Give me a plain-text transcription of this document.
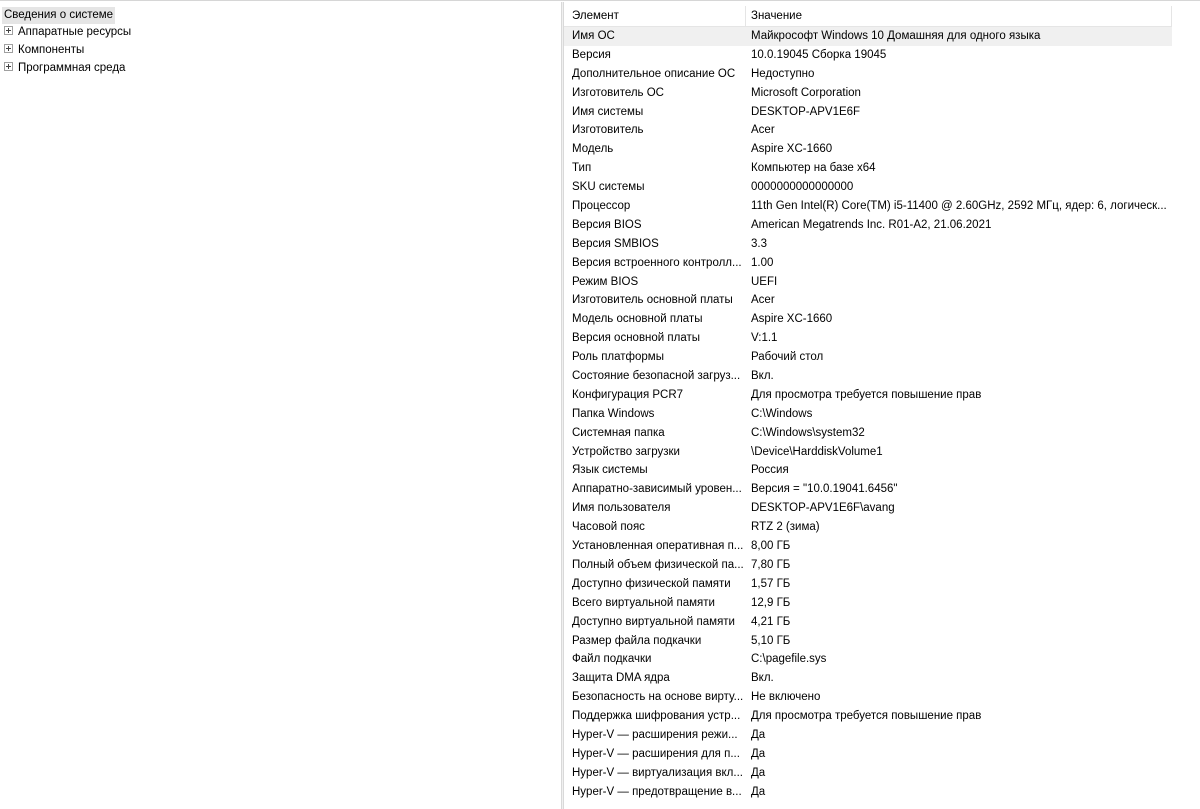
Сведения о системе
Аппаратные ресурсы
Компоненты
Программная среда
Элемент	Значение
Имя ОС	Майкрософт Windows 10 Домашняя для одного языка
Версия	10.0.19045 Сборка 19045
Дополнительное описание ОС	Недоступно
Изготовитель ОС	Microsoft Corporation
Имя системы	DESKTOP-APV1E6F
Изготовитель	Acer
Модель	Aspire XC-1660
Тип	Компьютер на базе x64
SKU системы	0000000000000000
Процессор	11th Gen Intel(R) Core(TM) i5-11400 @ 2.60GHz, 2592 МГц, ядер: 6, логическ...
Версия BIOS	American Megatrends Inc. R01-A2, 21.06.2021
Версия SMBIOS	3.3
Версия встроенного контролл... 1.00
Режим BIOS	UEFI
Изготовитель основной платы	Acer
Модель основной платы	Aspire XC-1660
Версия основной платы	V:1.1
Роль платформы	Рабочий стол
Состояние безопасной загруз... Вкл.
Конфигурация PCR7	Для просмотра требуется повышение прав
Папка Windows	C:\Windows
Системная папка	C:\Windows\system32
Устройство загрузки	\Device\HarddiskVolume1
Язык системы	Россия
Аппаратно-зависимый уровен... Версия = "10.0.19041.6456"
Имя пользователя	DESKTOP-APV1E6F\avang
Часовой пояс	RTZ 2 (зима)
Установленная оперативная п... 8,00 ГБ
Полный объем физической па... 7,80 ГБ
Доступно физической памяти	1,57 ГБ
Всего виртуальной памяти	12,9 ГБ
Доступно виртуальной памяти	4,21 ГБ
Размер файла подкачки	5,10 ГБ
Файл подкачки	C:\pagefile.sys
Защита DMA ядра	Вкл.
Безопасность на основе вирту... Не включено
Поддержка шифрования устр... Для просмотра требуется повышение прав
Hyper-V — расширения режи...	Да
Hyper-V — расширения для п... Да
Hyper-V — виртуализация вкл... Да
Hyper-V — предотвращение в... Да
